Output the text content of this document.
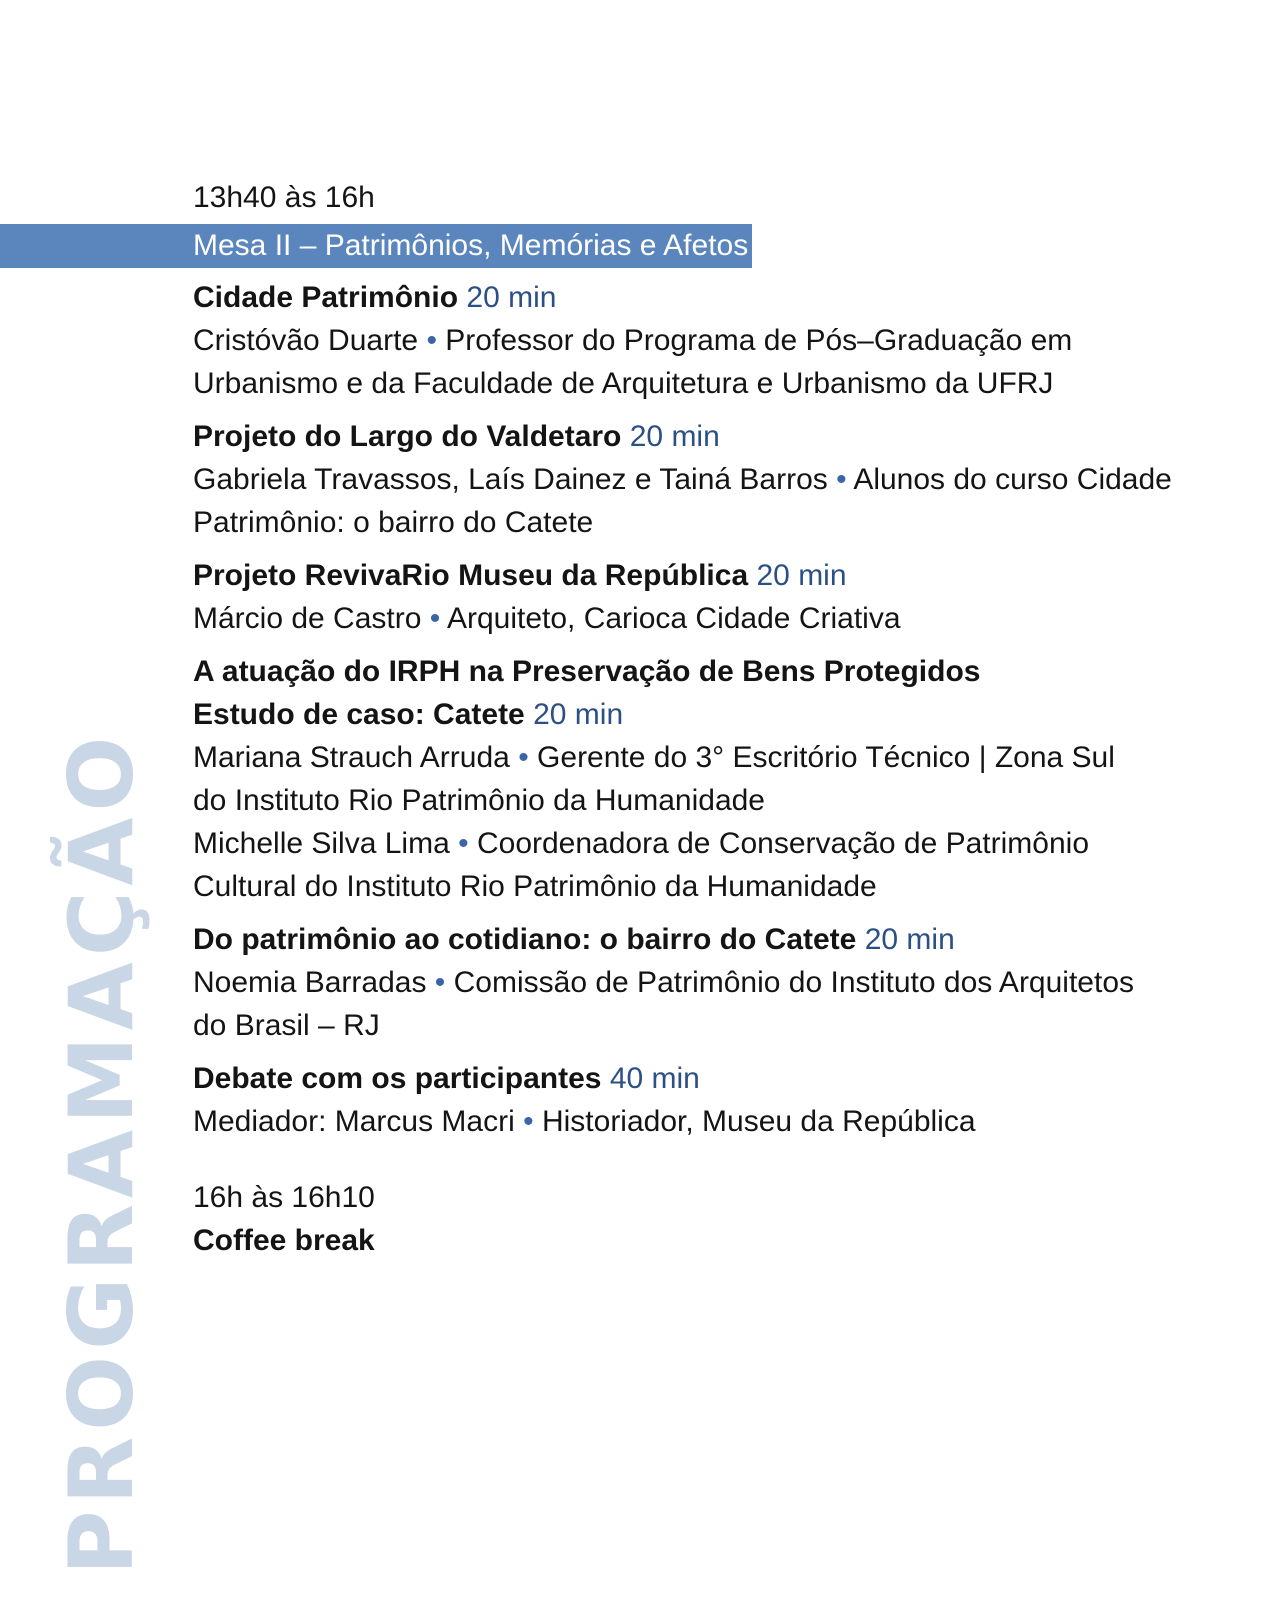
PROGRAMAÇÃO
13h40 às 16h
Mesa II – Patrimônios, Memórias e Afetos
Cidade Patrimônio 20 min
Cristóvão Duarte • Professor do Programa de Pós–Graduação em
Urbanismo e da Faculdade de Arquitetura e Urbanismo da UFRJ
Projeto do Largo do Valdetaro 20 min
Gabriela Travassos, Laís Dainez e Tainá Barros • Alunos do curso Cidade
Patrimônio: o bairro do Catete
Projeto RevivaRio Museu da República 20 min
Márcio de Castro • Arquiteto, Carioca Cidade Criativa
A atuação do IRPH na Preservação de Bens Protegidos
Estudo de caso: Catete 20 min
Mariana Strauch Arruda • Gerente do 3° Escritório Técnico | Zona Sul
do Instituto Rio Patrimônio da Humanidade
Michelle Silva Lima • Coordenadora de Conservação de Patrimônio
Cultural do Instituto Rio Patrimônio da Humanidade
Do patrimônio ao cotidiano: o bairro do Catete 20 min
Noemia Barradas • Comissão de Patrimônio do Instituto dos Arquitetos
do Brasil – RJ
Debate com os participantes 40 min
Mediador: Marcus Macri • Historiador, Museu da República
16h às 16h10
Coffee break
